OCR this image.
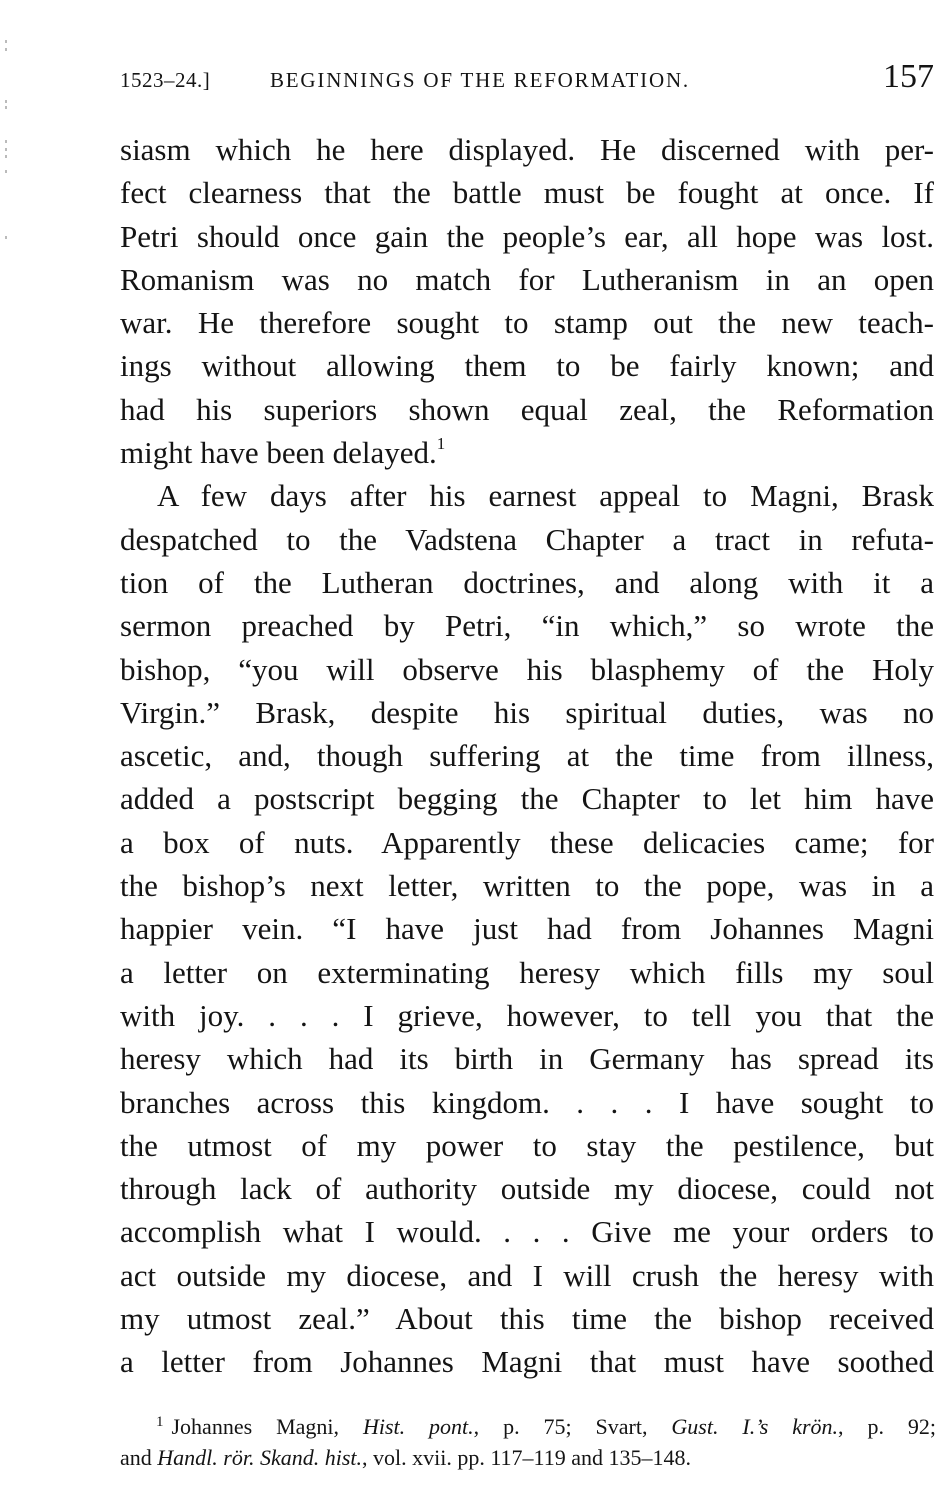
1523–24.]	BEGINNINGS OF THE REFORMATION.	157
siasm which he here displayed. He discerned with per-
fect clearness that the battle must be fought at once. If
Petri should once gain the people’s ear, all hope was lost.
Romanism was no match for Lutheranism in an open
war. He therefore sought to stamp out the new teach-
ings without allowing them to be fairly known; and
had his superiors shown equal zeal, the Reformation
might have been delayed.$^1$
A few days after his earnest appeal to Magni, Brask
despatched to the Vadstena Chapter a tract in refuta-
tion of the Lutheran doctrines, and along with it a
sermon preached by Petri, “in which,” so wrote the
bishop, “you will observe his blasphemy of the Holy
Virgin.” Brask, despite his spiritual duties, was no
ascetic, and, though suffering at the time from illness,
added a postscript begging the Chapter to let him have
a box of nuts. Apparently these delicacies came; for
the bishop’s next letter, written to the pope, was in a
happier vein. “I have just had from Johannes Magni
a letter on exterminating heresy which fills my soul
with joy. . . . I grieve, however, to tell you that the
heresy which had its birth in Germany has spread its
branches across this kingdom. . . . I have sought to
the utmost of my power to stay the pestilence, but
through lack of authority outside my diocese, could not
accomplish what I would. . . . Give me your orders to
act outside my diocese, and I will crush the heresy with
my utmost zeal.” About this time the bishop received
a letter from Johannes Magni that must have soothed
$^1$ Johannes Magni, Hist. pont., p. 75; Svart, Gust. I.’s krön., p. 92;
and Handl. rör. Skand. hist., vol. xvii. pp. 117–119 and 135–148.
